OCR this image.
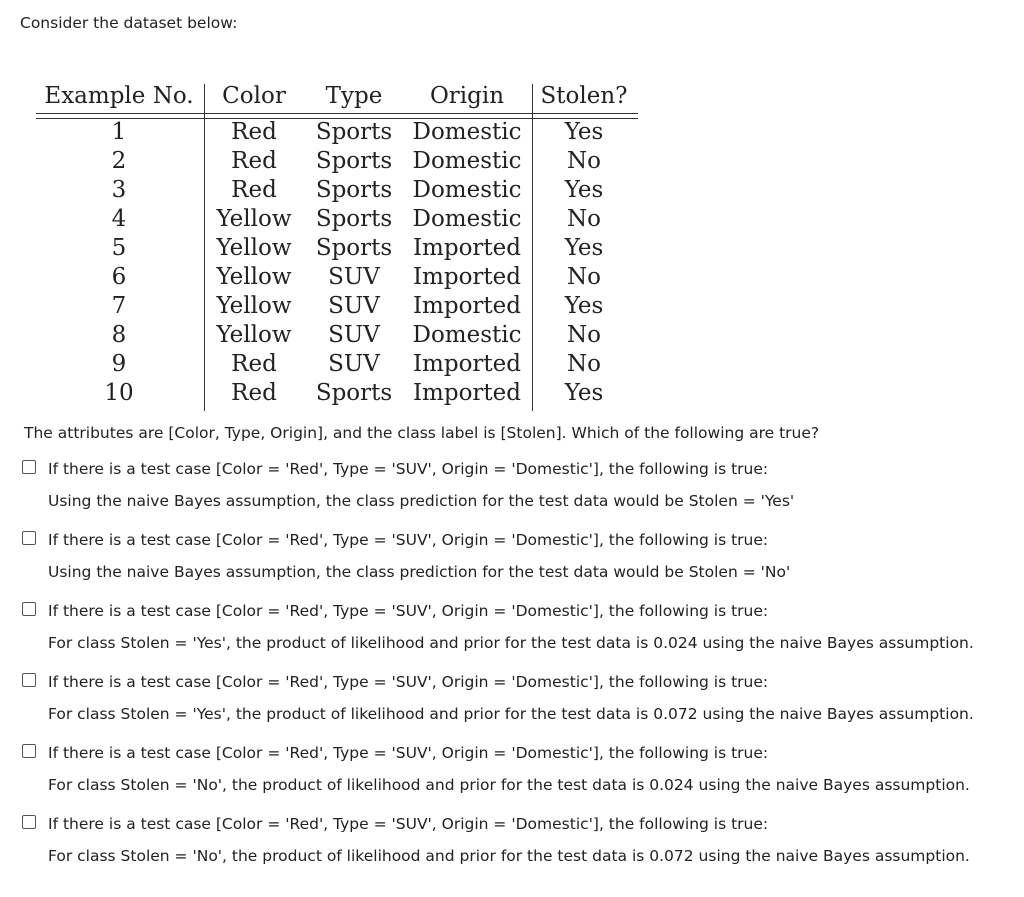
Consider the dataset below:
Example No.	Color	Type	Origin	Stolen?
1	Red	Sports Domestic	Yes
2	Red	Sports Domestic	No
3	Red	Sports Domestic	Yes
4	Yellow	Sports Domestic	No
5	Yellow	Sports Imported	Yes
6	Yellow	SUV	Imported	No
7	Yellow	SUV	Imported	Yes
8	Yellow	SUV	Domestic	No
9	Red	SUV	Imported	No
10	Red	Sports Imported	Yes
The attributes are [Color, Type, Origin], and the class label is [Stolen]. Which of the following are true?
If there is a test case [Color = 'Red', Type = 'SUV', Origin = 'Domestic'], the following is true:
Using the naive Bayes assumption, the class prediction for the test data would be Stolen = 'Yes'
If there is a test case [Color = 'Red', Type = 'SUV', Origin = 'Domestic'], the following is true:
Using the naive Bayes assumption, the class prediction for the test data would be Stolen = 'No'
If there is a test case [Color = 'Red', Type = 'SUV', Origin = 'Domestic'], the following is true:
For class Stolen = 'Yes', the product of likelihood and prior for the test data is 0.024 using the naive Bayes assumption.
If there is a test case [Color = 'Red', Type = 'SUV', Origin = 'Domestic'], the following is true:
For class Stolen = 'Yes', the product of likelihood and prior for the test data is 0.072 using the naive Bayes assumption.
If there is a test case [Color = 'Red', Type = 'SUV', Origin = 'Domestic'], the following is true:
For class Stolen = 'No', the product of likelihood and prior for the test data is 0.024 using the naive Bayes assumption.
If there is a test case [Color = 'Red', Type = 'SUV', Origin = 'Domestic'], the following is true:
For class Stolen = 'No', the product of likelihood and prior for the test data is 0.072 using the naive Bayes assumption.
